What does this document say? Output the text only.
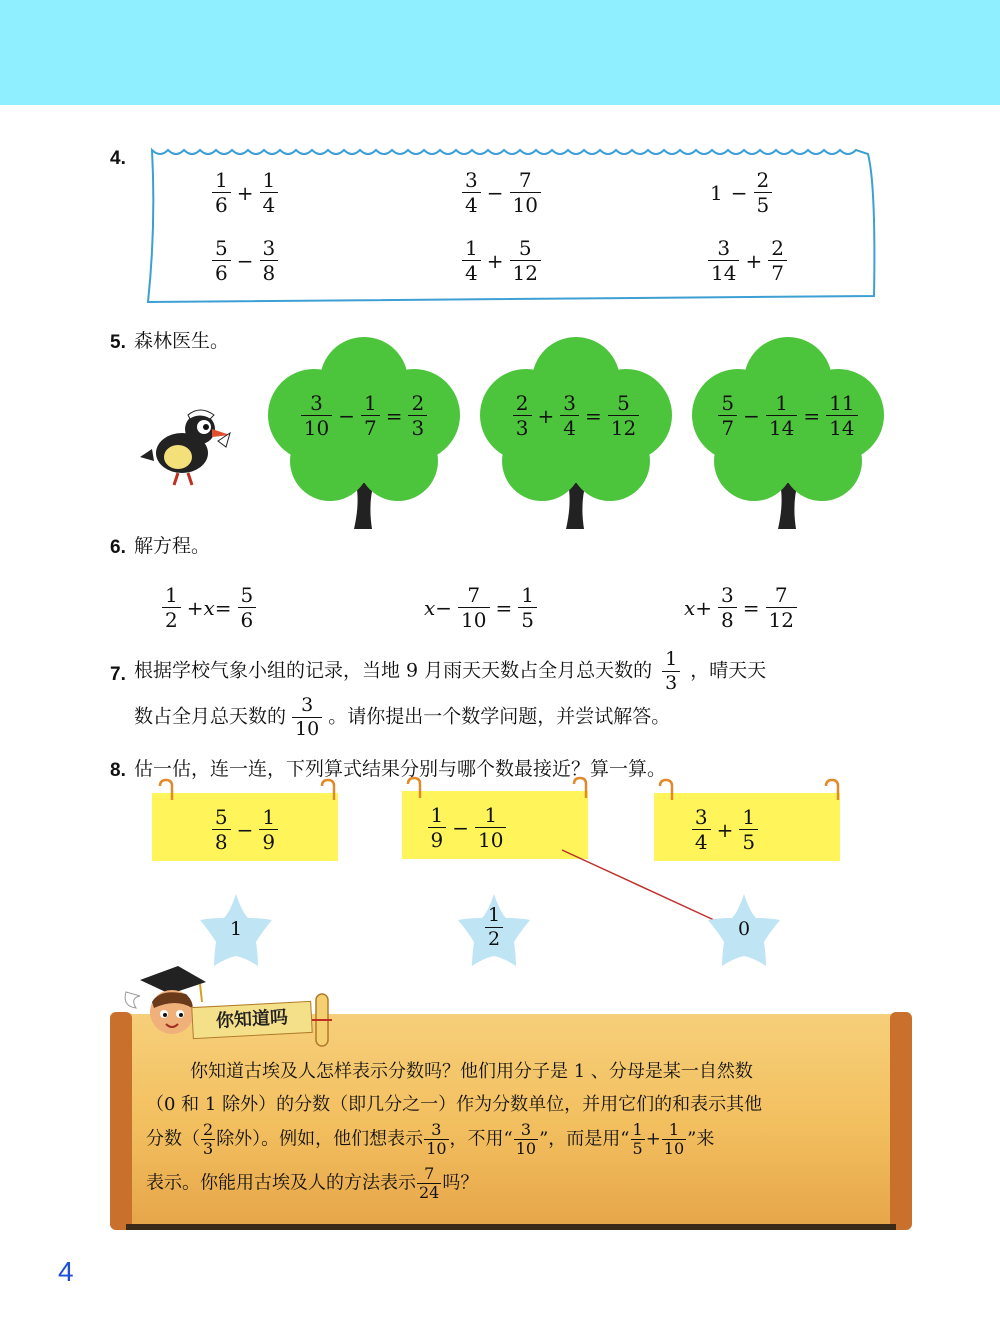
4.
$\frac{1}{6} + \frac{1}{4}$	$\frac{3}{4} - \frac{7}{10}$	$1 - \frac{2}{5}$
$\frac{5}{6} - \frac{3}{8}$	$\frac{1}{4} + \frac{5}{12}$	$\frac{3}{14} + \frac{2}{7}$
5. 森林医生。
$\frac{3}{10} - \frac{1}{7} = \frac{2}{3}$	$\frac{2}{3} + \frac{3}{4} = \frac{5}{12}$	$\frac{5}{7} - \frac{1}{14} = \frac{11}{14}$
6. 解方程。
$\frac{1}{2} +x= \frac{5}{6}$	$x- \frac{7}{10} = \frac{1}{5}$	$x+ \frac{3}{8} = \frac{7}{12}$
7. 根据学校气象小组的记录，当地 9 月雨天天数占全月总天数的 $\frac{1}{3}$ ，晴天天
数占全月总天数的 $\frac{3}{10}$ 。请你提出一个数学问题，并尝试解答。
8. 估一估，连一连，下列算式结果分别与哪个数最接近？算一算。
$\frac{5}{8} - \frac{1}{9}$	$\frac{1}{9} - \frac{1}{10}$	$\frac{3}{4} + \frac{1}{5}$
1	$\frac{1}{2}$	0
你知道吗
你知道古埃及人怎样表示分数吗？他们用分子是 1 、分母是某一自然数
（0 和 1 除外）的分数（即几分之一）作为分数单位，并用它们的和表示其他
分数（ $\frac{2}{3}$ 除外）。例如，他们想表示 $\frac{3}{10}$ ，不用“ $\frac{3}{10}$ ”，而是用“ $\frac{1}{5} + \frac{1}{10}$ ”来
表示。你能用古埃及人的方法表示 $\frac{7}{24}$ 吗？
4
